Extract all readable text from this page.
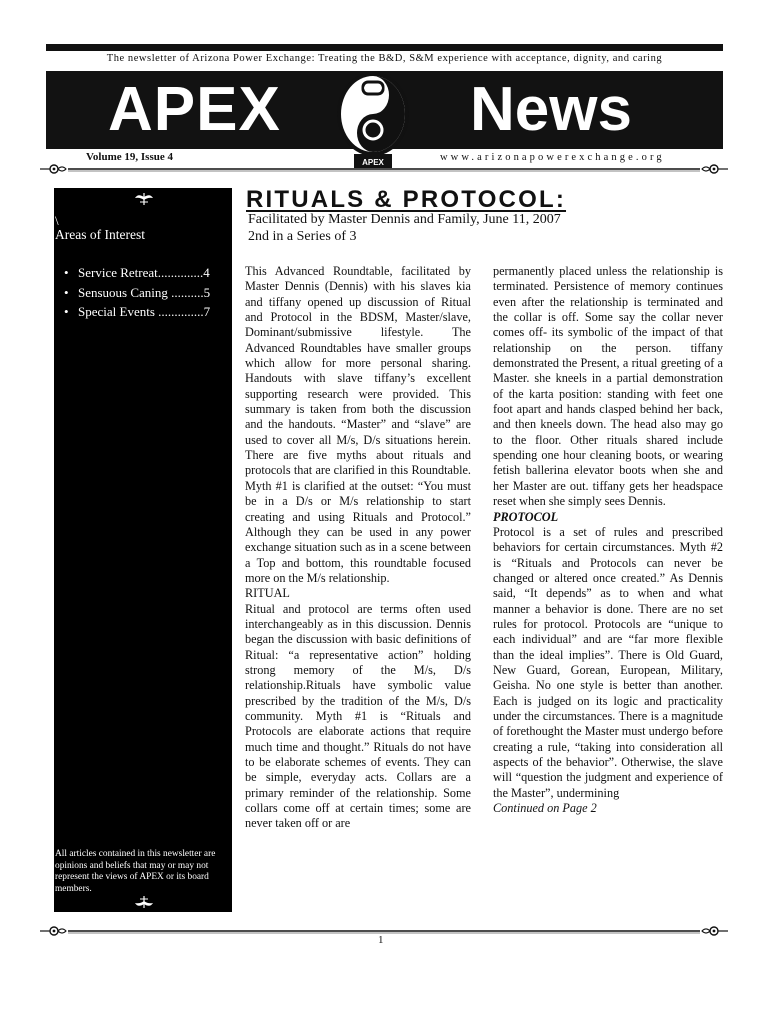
The newsletter of Arizona Power Exchange: Treating the B&D, S&M experience with acceptance, dignity, and caring
APEX	News
APEX
Volume 19, Issue 4	www.arizonapowerexchange.org
\
Areas of Interest
• Service Retreat..............4
• Sensuous Caning ..........5
• Special Events ..............7
All articles contained in this newsletter are opinions and beliefs that may or may not represent the views of APEX or its board members.
RITUALS & PROTOCOL:
Facilitated by Master Dennis and Family, June 11, 2007
2nd in a Series of 3

This Advanced Roundtable, facilitated by Master Dennis (Dennis) with his slaves kia and tiffany opened up discussion of Ritual and Protocol in the BDSM, Master/slave, Dominant/submissive lifestyle. The Advanced Roundtables have smaller groups which allow for more personal sharing. Handouts with slave tiffany’s excellent supporting research were provided. This summary is taken from both the discussion and the handouts. “Master” and “slave” are used to cover all M/s, D/s situations herein. There are five myths about rituals and protocols that are clarified in this Roundtable. Myth #1 is clarified at the outset: “You must be in a D/s or M/s relationship to start creating and using Rituals and Protocol.” Although they can be used in any power exchange situation such as in a scene between a Top and bottom, this roundtable focused more on the M/s relationship.

RITUAL

Ritual and protocol are terms often used interchangeably as in this discussion. Dennis began the discussion with basic definitions of Ritual: “a representative action” holding strong memory of the M/s, D/s relationship.Rituals have symbolic value prescribed by the tradition of the M/s, D/s community. Myth #1 is “Rituals and Protocols are elaborate actions that require much time and thought.” Rituals do not have to be elaborate schemes of events. They can be simple, everyday acts. Collars are a primary reminder of the relationship. Some collars come off at certain times; some are never taken off or are

permanently placed unless the relationship is terminated. Persistence of memory continues even after the relationship is terminated and the collar is off. Some say the collar never comes off- its symbolic of the impact of that relationship on the person. tiffany demonstrated the Present, a ritual greeting of a Master. she kneels in a partial demonstration of the karta position: standing with feet one foot apart and hands clasped behind her back, and then kneels down. The head also may go to the floor. Other rituals shared include spending one hour cleaning boots, or wearing fetish ballerina elevator boots when she and her Master are out. tiffany gets her headspace reset when she simply sees Dennis.

PROTOCOL

Protocol is a set of rules and prescribed behaviors for certain circumstances. Myth #2 is “Rituals and Protocols can never be changed or altered once created.” As Dennis said, “It depends” as to when and what manner a behavior is done. There are no set rules for protocol. Protocols are “unique to each individual” and are “far more flexible than the ideal implies”. There is Old Guard, New Guard, Gorean, European, Military, Geisha. No one style is better than another. Each is judged on its logic and practicality under the circumstances. There is a magnitude of forethought the Master must undergo before creating a rule, “taking into consideration all aspects of the behavior”. Otherwise, the slave will “question the judgment and experience of the Master”, undermining

Continued on Page 2

1
